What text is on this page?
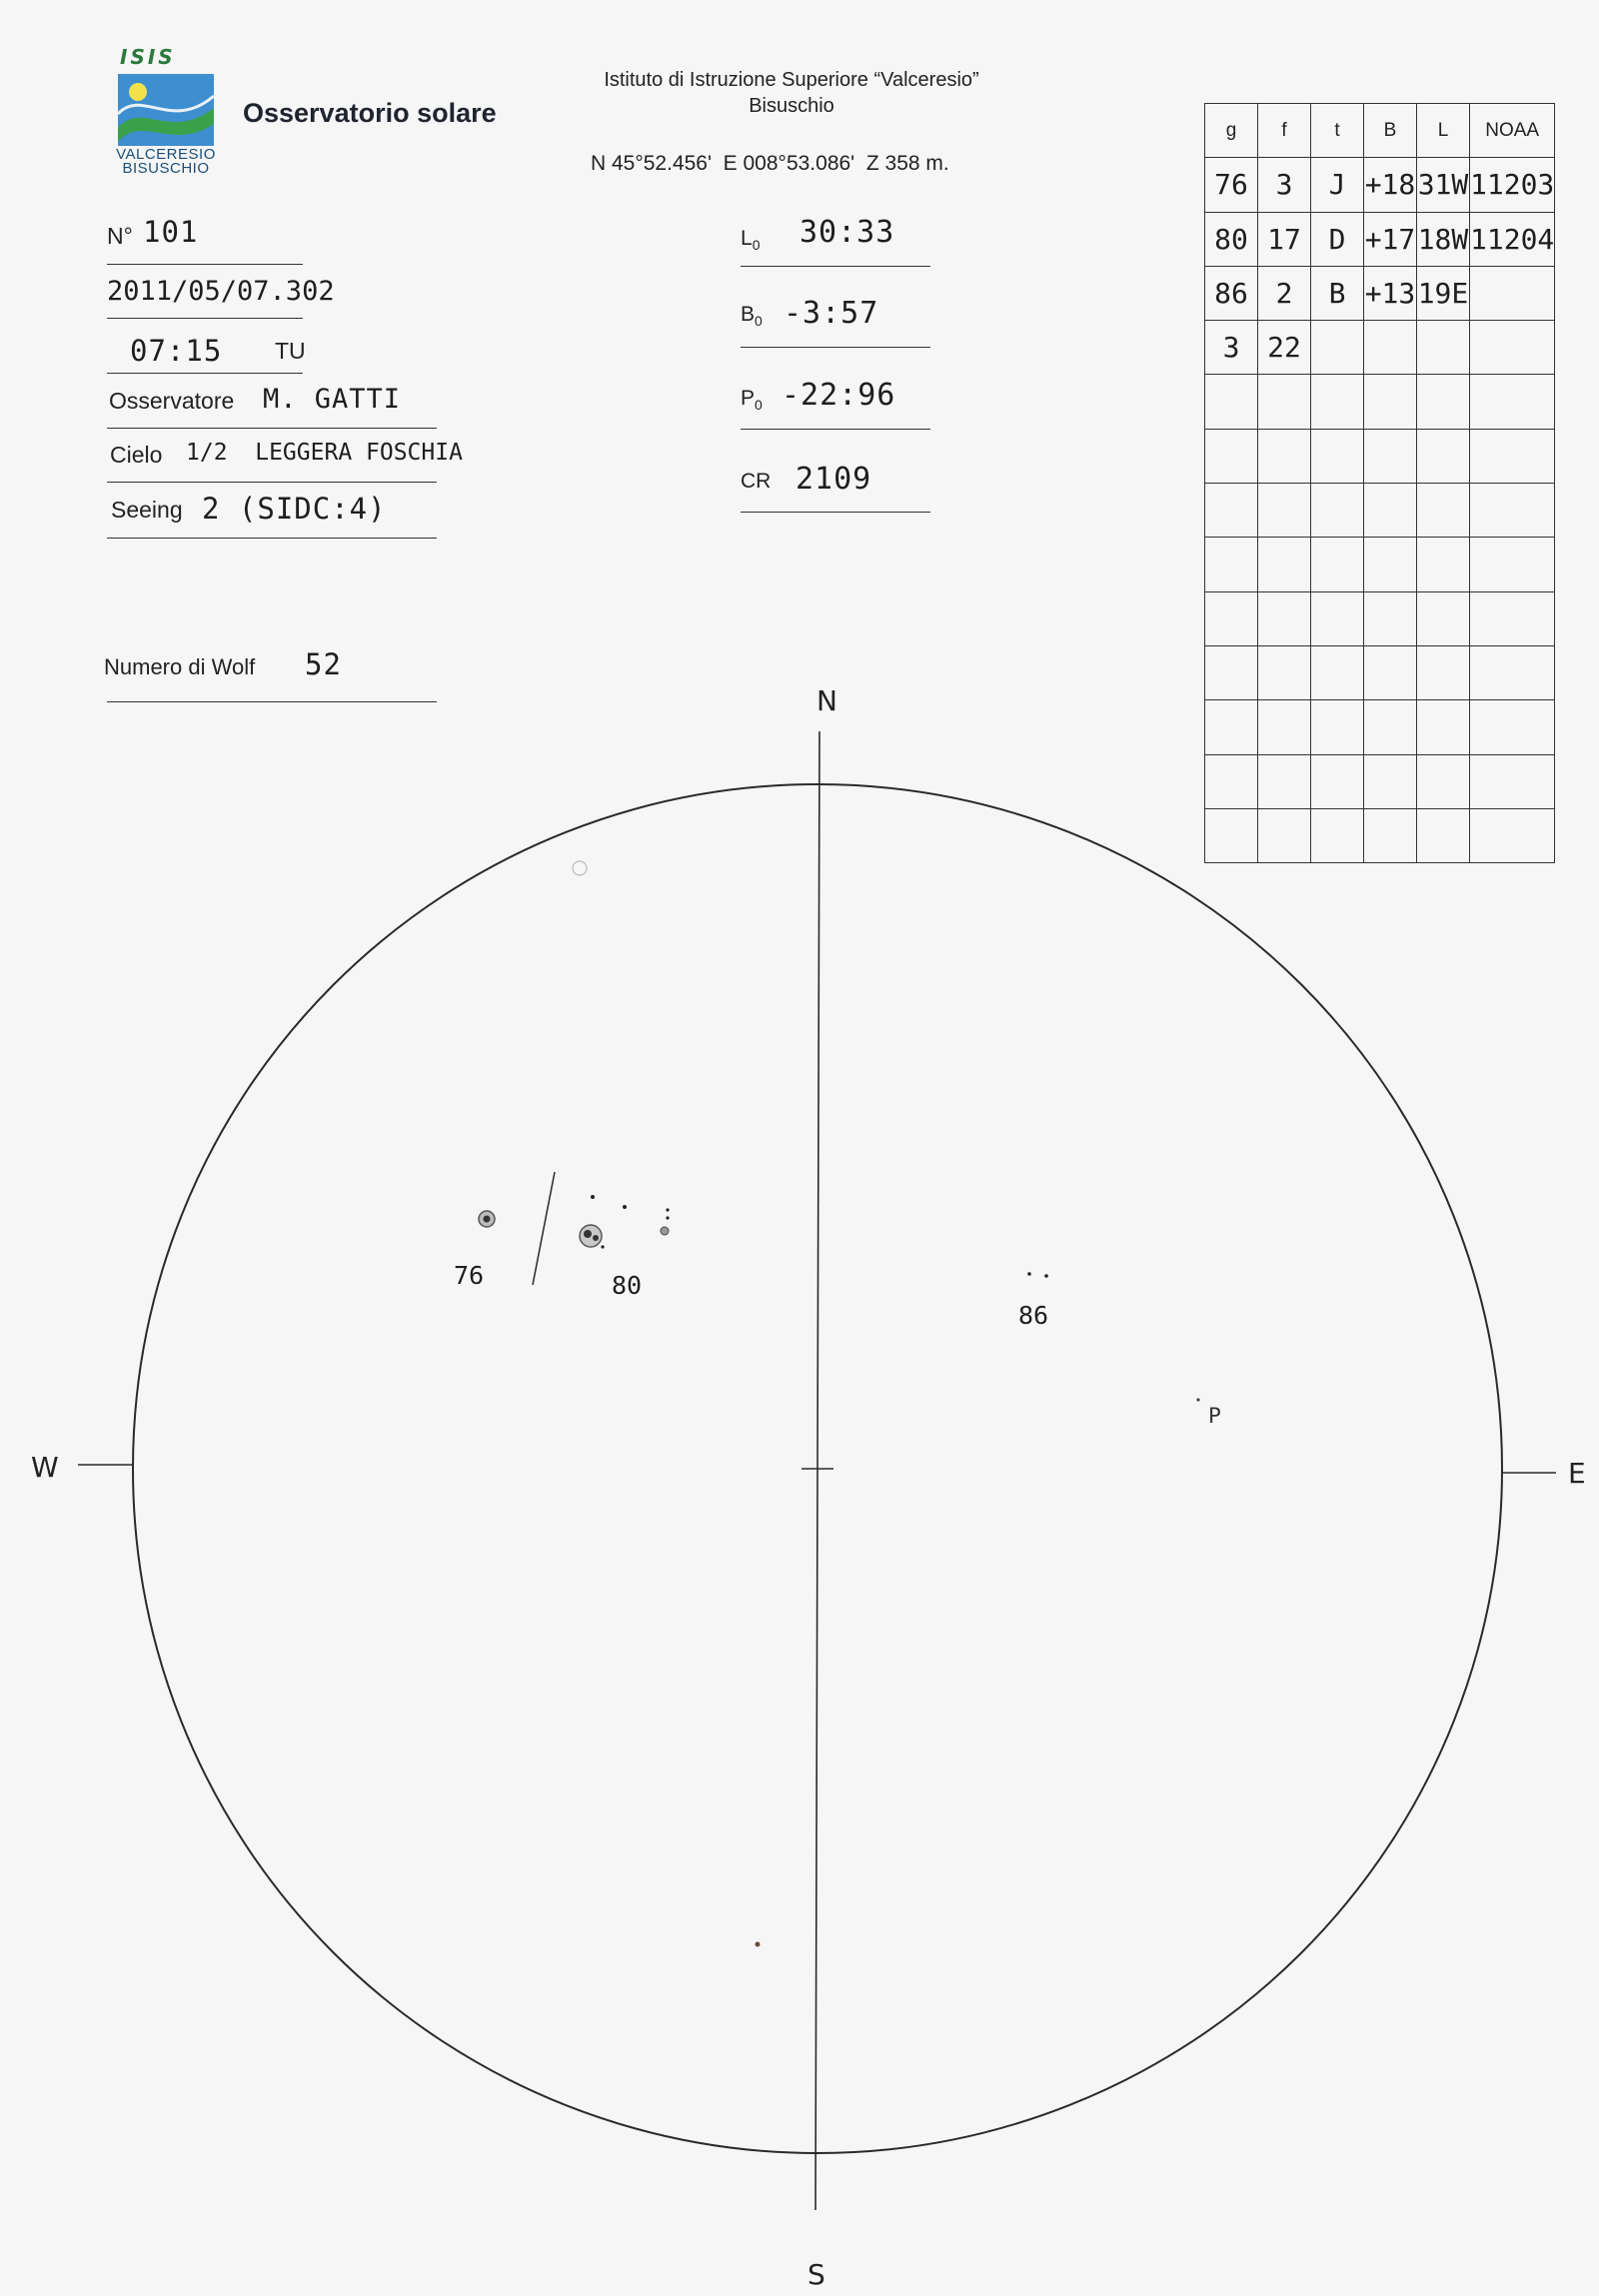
ISIS
VALCERESIO
BISUSCHIO
Osservatorio solare
Istituto di Istruzione Superiore “Valceresio”
Bisuschio
N 45°52.456'  E 008°53.086'  Z 358 m.
N° 101
2011/05/07.302
07:15 TU
Osservatore M. GATTI
Cielo 1/2  LEGGERA FOSCHIA
Seeing 2 (SIDC:4)
Numero di Wolf 52
$L_0$ 30:33
$B_0$ -3:57
$P_0$ -22:96
CR 2109
g	f	t	B	L	NOAA
76	3	J	+18	31W	11203
80	17	D	+17	18W	11204
86	2	B	+13	19E	
3	22				

N
S
W	E
76	80
86
P
